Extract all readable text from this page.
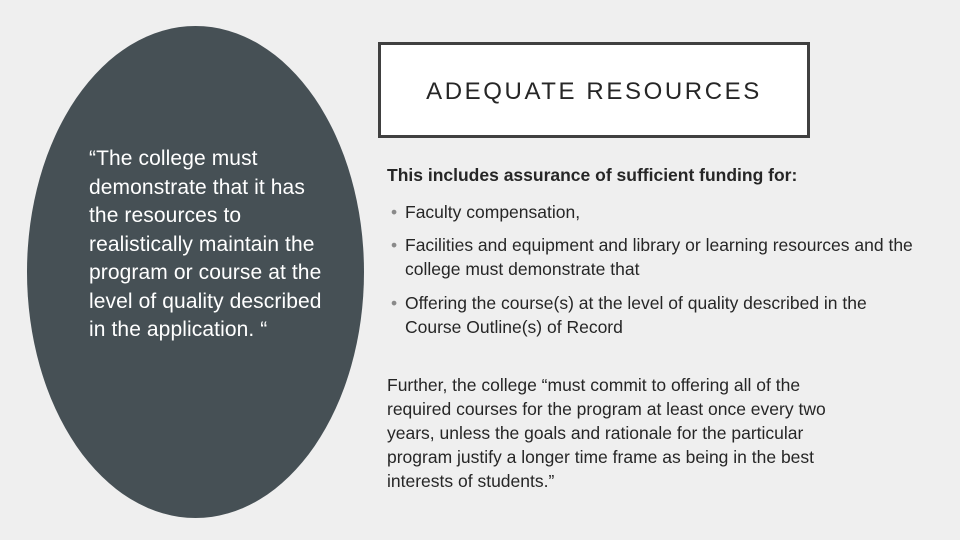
“The college must demonstrate that it has the resources to realistically maintain the program or course at the level of quality described in the application. “
ADEQUATE RESOURCES

This includes assurance of sufficient funding for:

• Faculty compensation,
• Facilities and equipment and library or learning resources and the college must demonstrate that
• Offering the course(s) at the level of quality described in the Course Outline(s) of Record

Further, the college “must commit to offering all of the required courses for the program at least once every two years, unless the goals and rationale for the particular program justify a longer time frame as being in the best interests of students.”
